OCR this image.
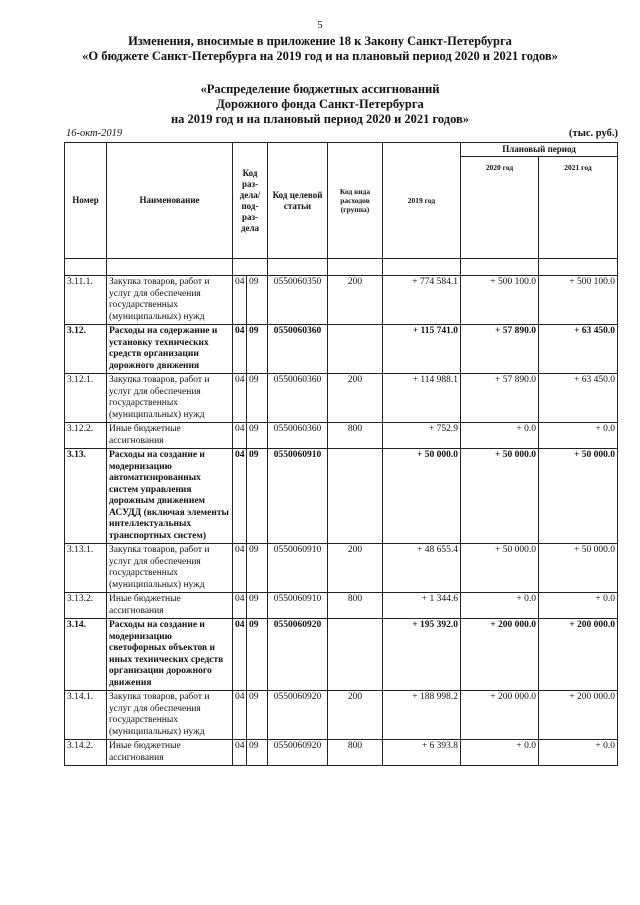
5
Изменения, вносимые в приложение 18 к Закону Санкт-Петербурга
«О бюджете Санкт-Петербурга на 2019 год и на плановый период 2020 и 2021 годов»
«Распределение бюджетных ассигнований
Дорожного фонда Санкт-Петербурга
на 2019 год и на плановый период 2020 и 2021 годов»
16-окт-2019	(тыс. руб.)
Номер	Наименование	Код раз-дела/ под-раз-дела		Код целевой статьи	Код вида расходов (группа)	2019 год	Плановый период	
							2020 год	2021 год

3.11.1.	Закупка товаров, работ и услуг для обеспечения государственных (муниципальных) нужд	04	09	0550060350	200	+ 774 584.1	+ 500 100.0	+ 500 100.0
3.12.	Расходы на содержание и установку технических средств организации дорожного движения	04	09	0550060360		+ 115 741.0	+ 57 890.0	+ 63 450.0
3.12.1.	Закупка товаров, работ и услуг для обеспечения государственных (муниципальных) нужд	04	09	0550060360	200	+ 114 988.1	+ 57 890.0	+ 63 450.0
3.12.2.	Иные бюджетные ассигнования	04	09	0550060360	800	+ 752.9	+ 0.0	+ 0.0
3.13.	Расходы на создание и модернизацию автоматизированных систем управления дорожным движением АСУДД (включая элементы интеллектуальных транспортных систем)	04	09	0550060910		+ 50 000.0	+ 50 000.0	+ 50 000.0
3.13.1.	Закупка товаров, работ и услуг для обеспечения государственных (муниципальных) нужд	04	09	0550060910	200	+ 48 655.4	+ 50 000.0	+ 50 000.0
3.13.2.	Иные бюджетные ассигнования	04	09	0550060910	800	+ 1 344.6	+ 0.0	+ 0.0
3.14.	Расходы на создание и модернизацию светофорных объектов и иных технических средств организации дорожного движения	04	09	0550060920		+ 195 392.0	+ 200 000.0	+ 200 000.0
3.14.1.	Закупка товаров, работ и услуг для обеспечения государственных (муниципальных) нужд	04	09	0550060920	200	+ 188 998.2	+ 200 000.0	+ 200 000.0
3.14.2.	Иные бюджетные ассигнования	04	09	0550060920	800	+ 6 393.8	+ 0.0	+ 0.0
